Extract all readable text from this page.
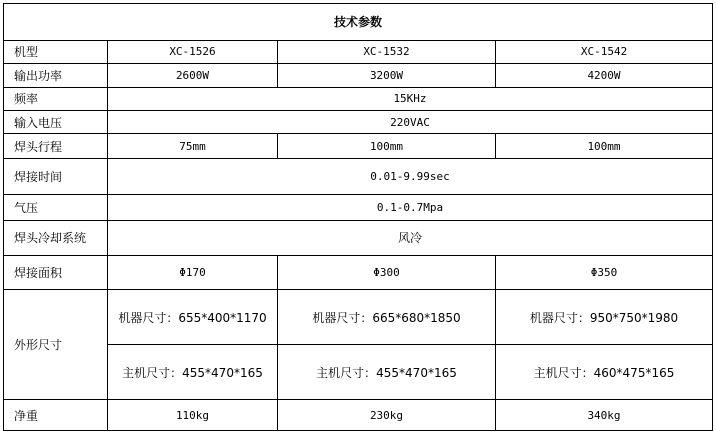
技术参数			
机型	XC-1526	XC-1532	XC-1542
输出功率	2600W	3200W	4200W
频率	15KHz		
输入电压	220VAC		
焊头行程	75mm	100mm	100mm
焊接时间	0.01-9.99sec		
气压	0.1-0.7Mpa		
焊头冷却系统	风冷		
焊接面积	Φ170	Φ300	Φ350
外形尺寸	机器尺寸：655*400*1170	机器尺寸：665*680*1850	机器尺寸：950*750*1980
	主机尺寸：455*470*165	主机尺寸：455*470*165	主机尺寸：460*475*165
净重	110kg	230kg	340kg
